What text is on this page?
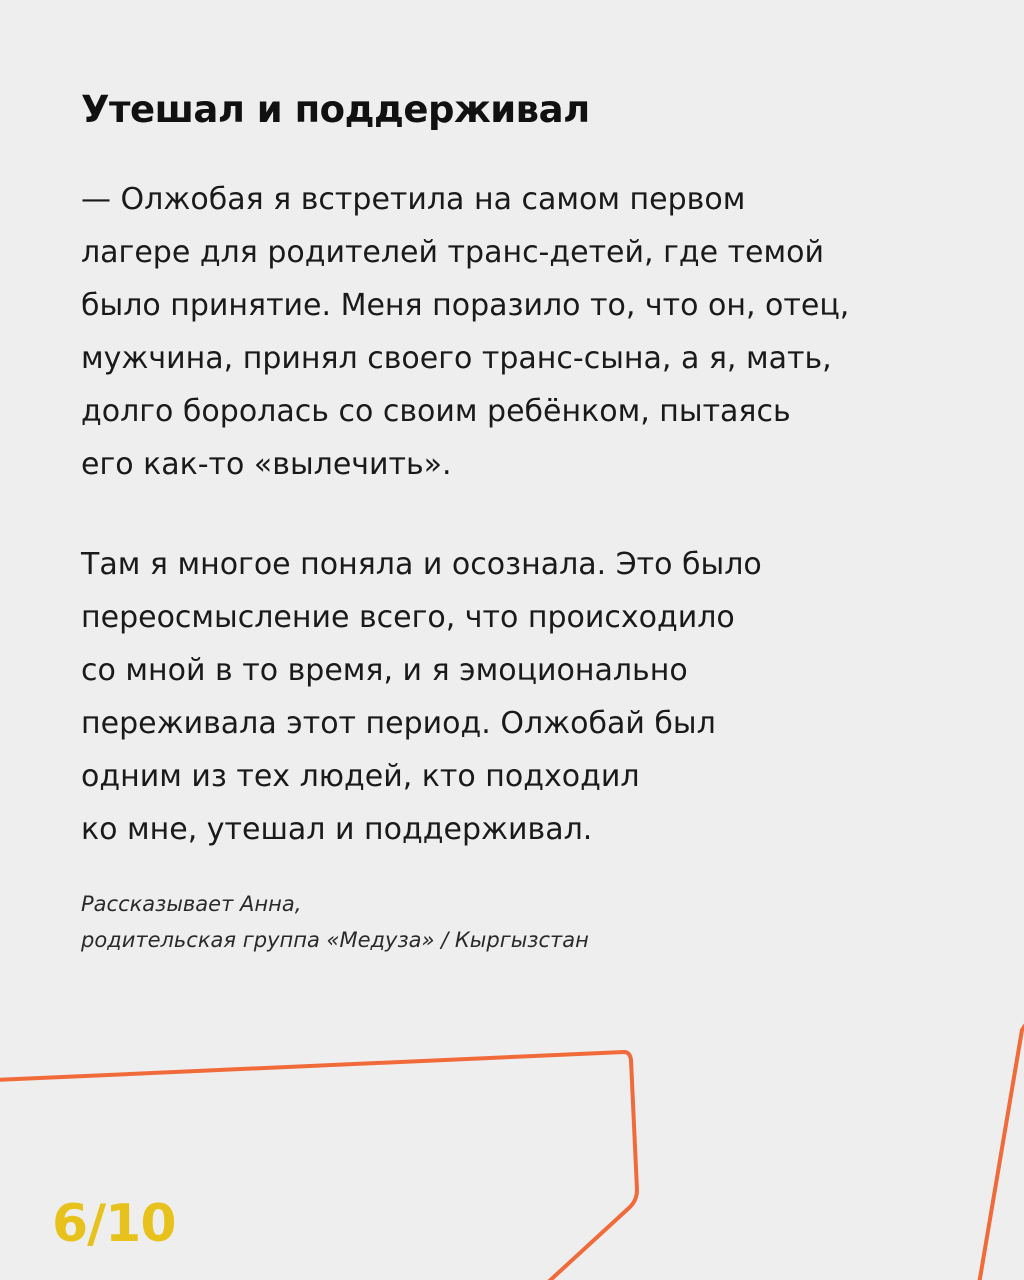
Утешал и поддерживал

— Олжобая я встретила на самом первом
лагере для родителей транс-детей, где темой
было принятие. Меня поразило то, что он, отец,
мужчина, принял своего транс-сына, а я, мать,
долго боролась со своим ребёнком, пытаясь
его как-то «вылечить».

Там я многое поняла и осознала. Это было
переосмысление всего, что происходило
со мной в то время, и я эмоционально
переживала этот период. Олжобай был
одним из тех людей, кто подходил
ко мне, утешал и поддерживал.

Рассказывает Анна,
родительская группа «Медуза» / Кыргызстан

6/10
